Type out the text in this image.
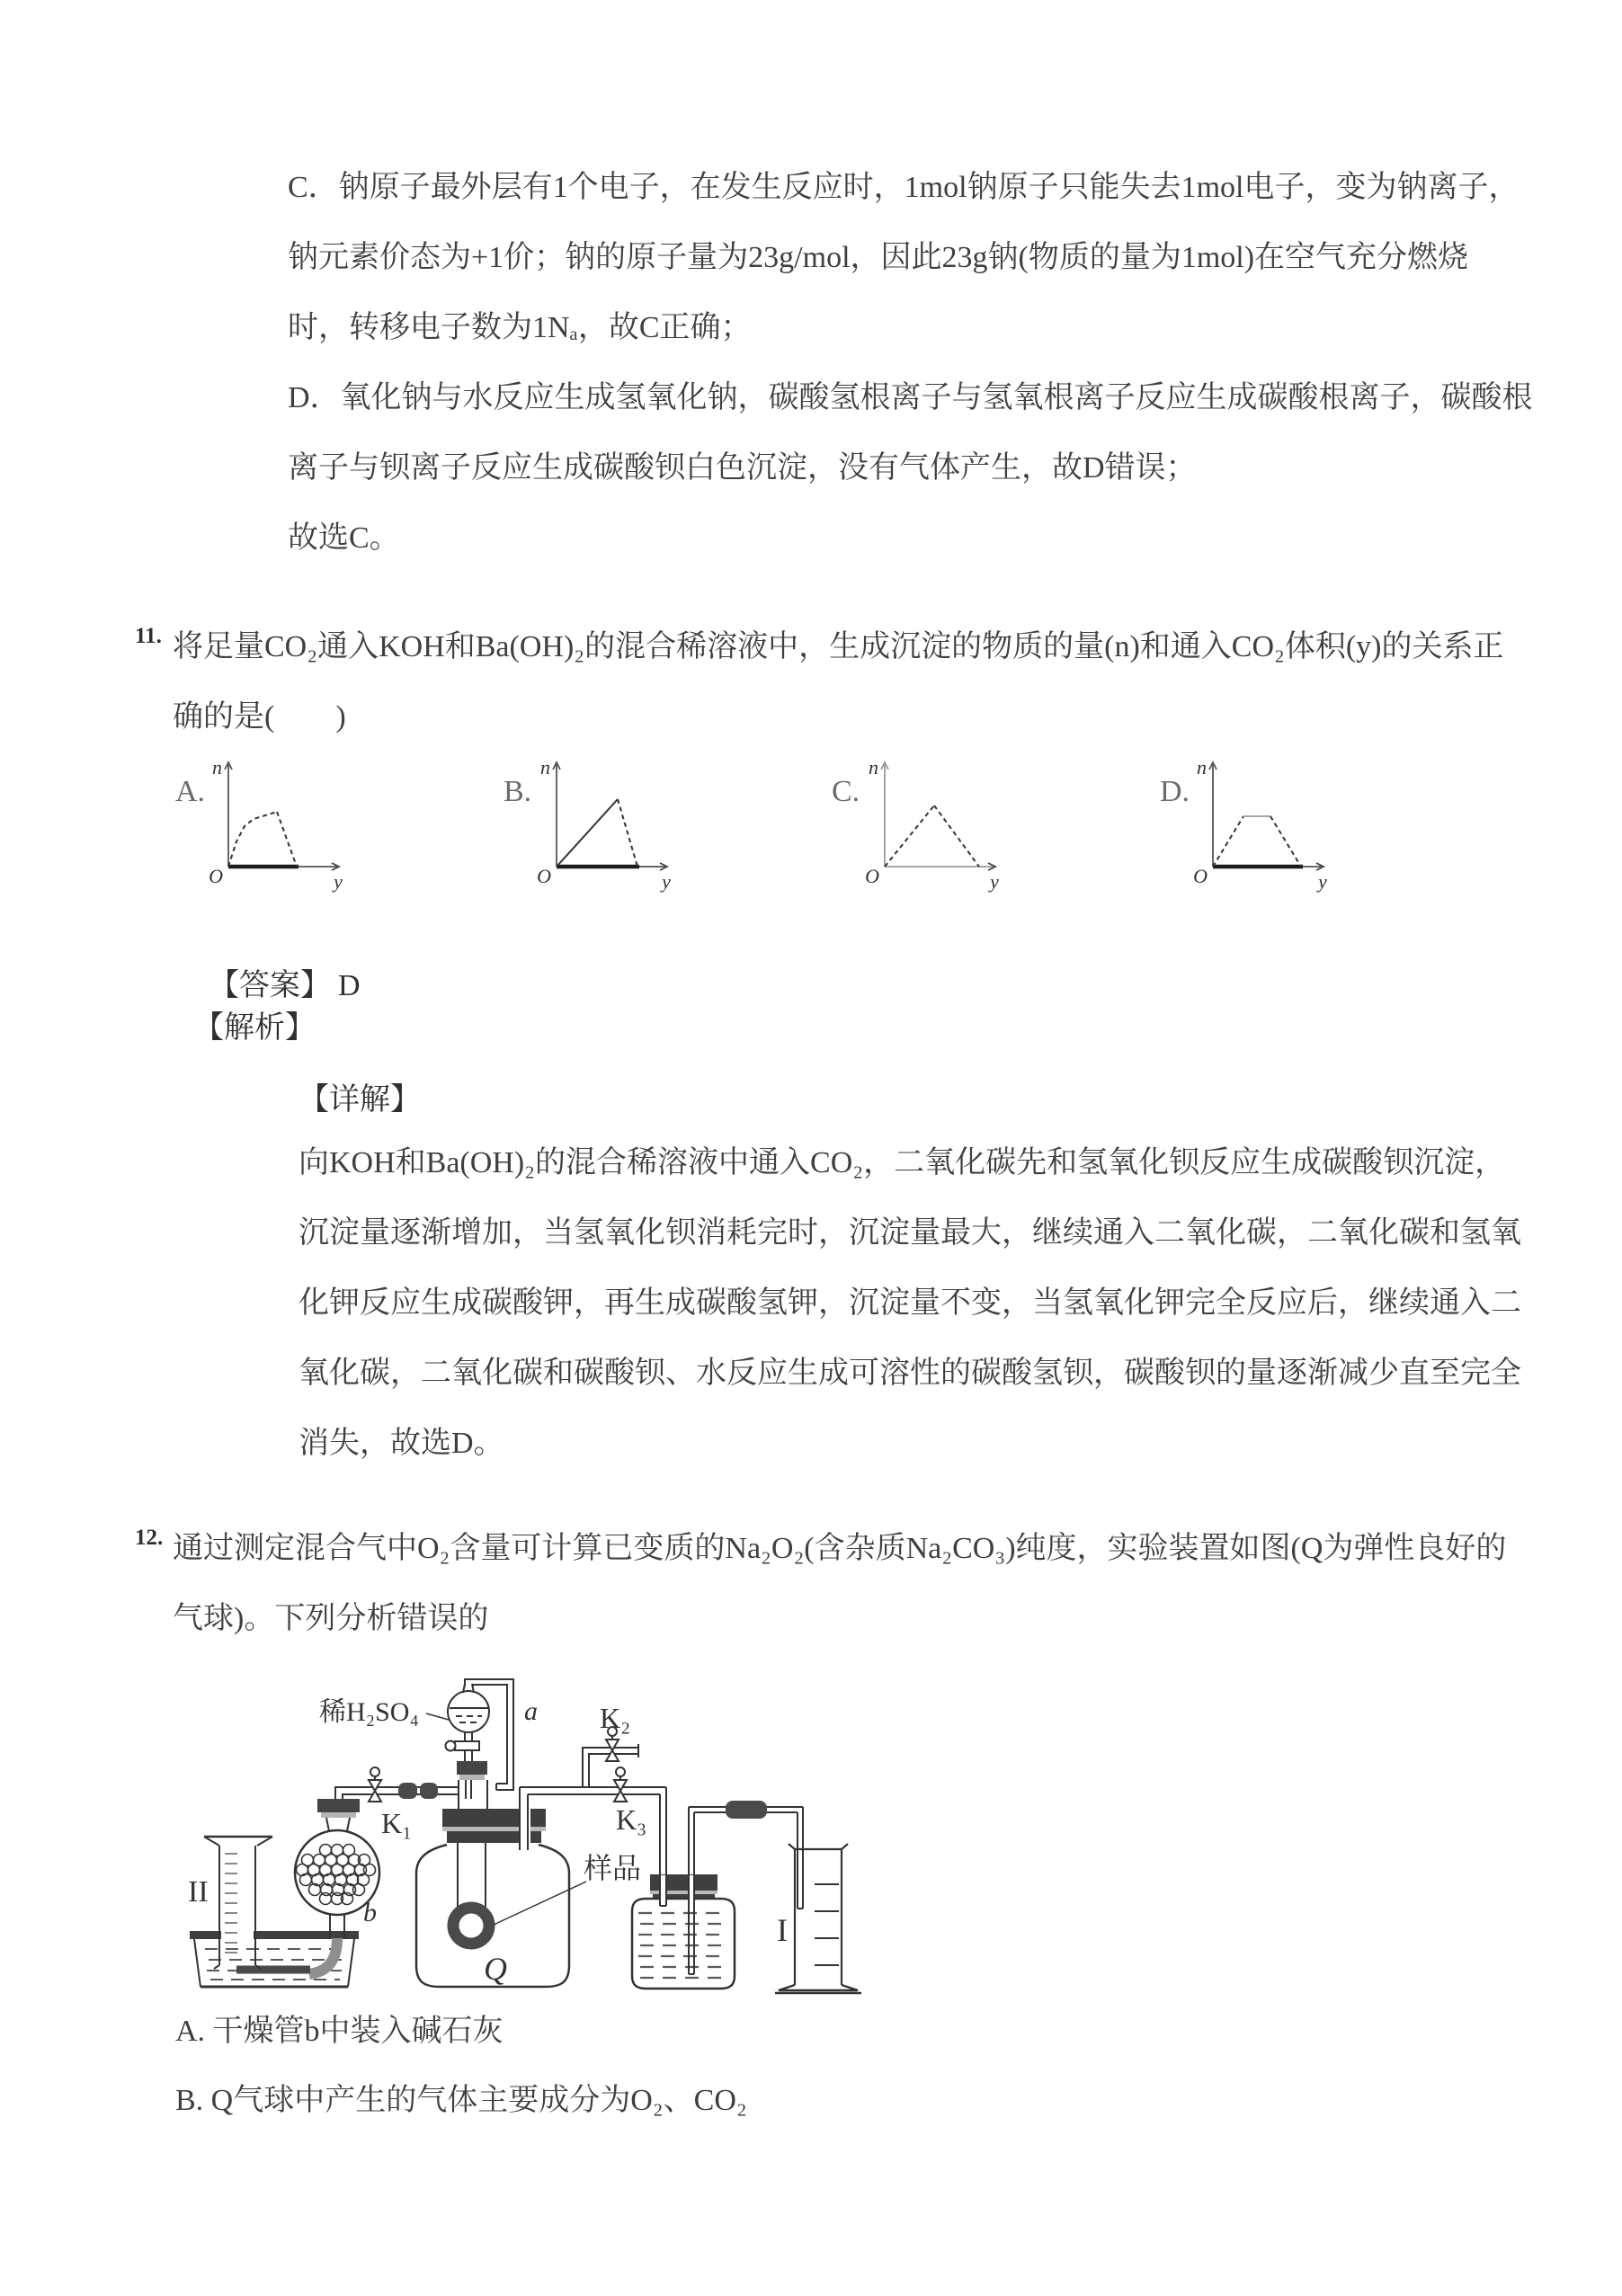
C．钠原子最外层有1个电子，在发生反应时，1mol钠原子只能失去1mol电子，变为钠离子，
钠元素价态为+1价；钠的原子量为23g/mol，因此23g钠(物质的量为1mol)在空气充分燃烧
时，转移电子数为1Nₐ，故C正确；
D．氧化钠与水反应生成氢氧化钠，碳酸氢根离子与氢氧根离子反应生成碳酸根离子，碳酸根
离子与钡离子反应生成碳酸钡白色沉淀，没有气体产生，故D错误；
故选C。
11. 将足量CO₂通入KOH和Ba(OH)₂的混合稀溶液中，生成沉淀的物质的量(n)和通入CO₂体积(y)的关系正
确的是(　　)
A.	B.	C.	D.

【答案】 D

【解析】
【详解】
向KOH和Ba(OH)₂的混合稀溶液中通入CO₂，二氧化碳先和氢氧化钡反应生成碳酸钡沉淀，
沉淀量逐渐增加，当氢氧化钡消耗完时，沉淀量最大，继续通入二氧化碳，二氧化碳和氢氧
化钾反应生成碳酸钾，再生成碳酸氢钾，沉淀量不变，当氢氧化钾完全反应后，继续通入二
氧化碳，二氧化碳和碳酸钡、水反应生成可溶性的碳酸氢钡，碳酸钡的量逐渐减少直至完全
消失，故选D。
12. 通过测定混合气中O₂含量可计算已变质的Na₂O₂(含杂质Na₂CO₃)纯度，实验装置如图(Q为弹性良好的
气球)。下列分析错误的
A. 干燥管b中装入碱石灰
B. Q气球中产生的气体主要成分为O₂、CO₂
n
O	y
n
O	y
n
O	y
n
O	y
稀H₂SO₄	a
K₁
K₂
K₃
样品
b
Q
II
I
